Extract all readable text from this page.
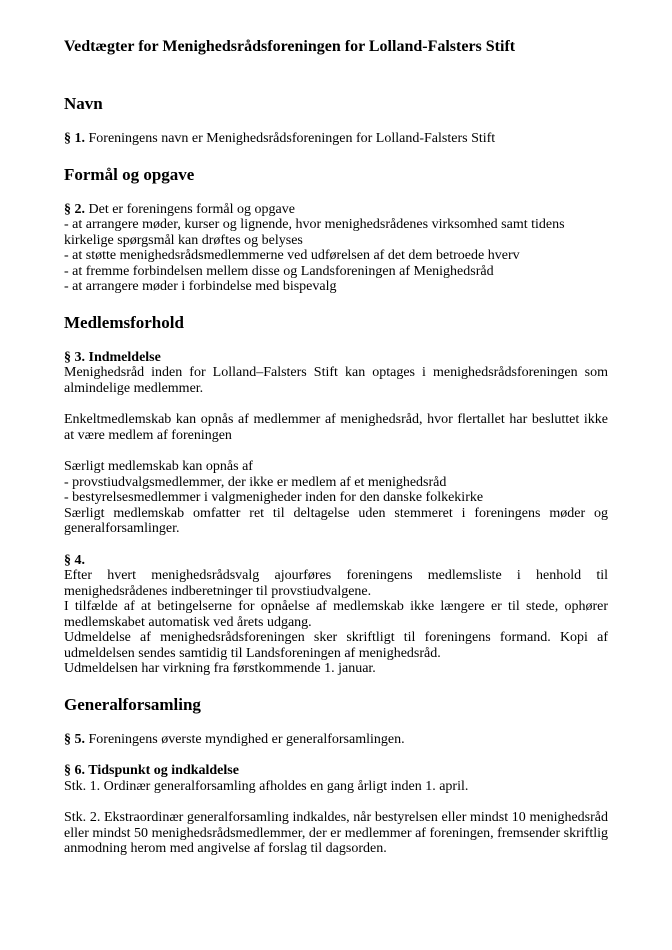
Vedtægter for Menighedsrådsforeningen for Lolland-Falsters Stift
Navn

§ 1. Foreningens navn er Menighedsrådsforeningen for Lolland-Falsters Stift

Formål og opgave

§ 2. Det er foreningens formål og opgave

- at arrangere møder, kurser og lignende, hvor menighedsrådenes virksomhed samt tidens kirkelige spørgsmål kan drøftes og belyses
- at støtte menighedsrådsmedlemmerne ved udførelsen af det dem betroede hverv
- at fremme forbindelsen mellem disse og Landsforeningen af Menighedsråd
- at arrangere møder i forbindelse med bispevalg
Medlemsforhold

§ 3. Indmeldelse

Menighedsråd inden for Lolland–Falsters Stift kan optages i menighedsrådsforeningen som almindelige medlemmer.

Enkeltmedlemskab kan opnås af medlemmer af menighedsråd, hvor flertallet har besluttet ikke at være medlem af foreningen

Særligt medlemskab kan opnås af

- provstiudvalgsmedlemmer, der ikke er medlem af et menighedsråd
- bestyrelsesmedlemmer i valgmenigheder inden for den danske folkekirke

Særligt medlemskab omfatter ret til deltagelse uden stemmeret i foreningens møder og generalforsamlinger.

§ 4.

Efter hvert menighedsrådsvalg ajourføres foreningens medlemsliste i henhold til menighedsrådenes indberetninger til provstiudvalgene.

I tilfælde af at betingelserne for opnåelse af medlemskab ikke længere er til stede, ophører medlemskabet automatisk ved årets udgang.

Udmeldelse af menighedsrådsforeningen sker skriftligt til foreningens formand. Kopi af udmeldelsen sendes samtidig til Landsforeningen af menighedsråd.

Udmeldelsen har virkning fra førstkommende 1. januar.

Generalforsamling

§ 5. Foreningens øverste myndighed er generalforsamlingen.

§ 6. Tidspunkt og indkaldelse

Stk. 1. Ordinær generalforsamling afholdes en gang årligt inden 1. april.

Stk. 2. Ekstraordinær generalforsamling indkaldes, når bestyrelsen eller mindst 10 menighedsråd eller mindst 50 menighedsrådsmedlemmer, der er medlemmer af foreningen, fremsender skriftlig anmodning herom med angivelse af forslag til dagsorden.
